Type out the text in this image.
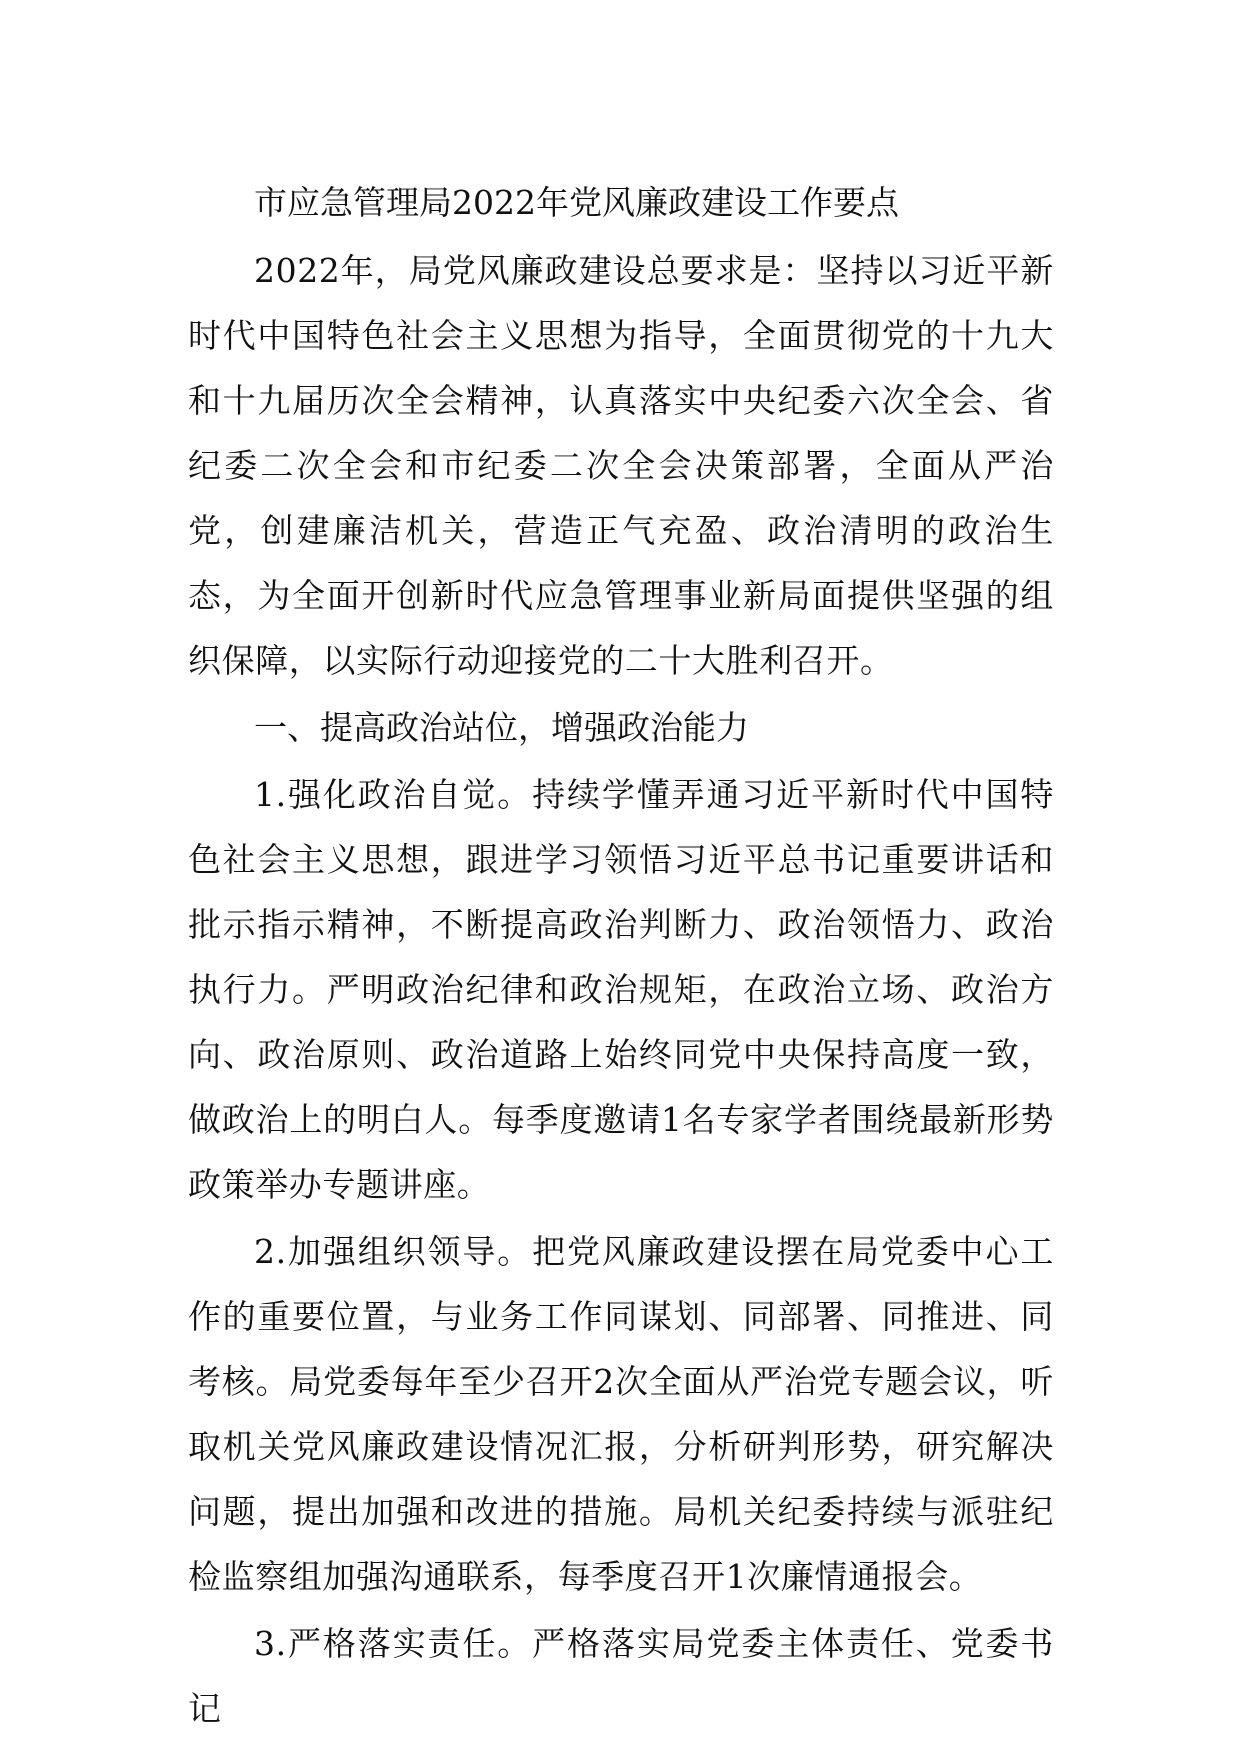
市应急管理局2022年党风廉政建设工作要点

2022年，局党风廉政建设总要求是：坚持以习近平新时代中国特色社会主义思想为指导，全面贯彻党的十九大和十九届历次全会精神，认真落实中央纪委六次全会、省纪委二次全会和市纪委二次全会决策部署，全面从严治党，创建廉洁机关，营造正气充盈、政治清明的政治生态，为全面开创新时代应急管理事业新局面提供坚强的组织保障，以实际行动迎接党的二十大胜利召开。

一、提高政治站位，增强政治能力

1.强化政治自觉。持续学懂弄通习近平新时代中国特色社会主义思想，跟进学习领悟习近平总书记重要讲话和批示指示精神，不断提高政治判断力、政治领悟力、政治执行力。严明政治纪律和政治规矩，在政治立场、政治方向、政治原则、政治道路上始终同党中央保持高度一致，做政治上的明白人。每季度邀请1名专家学者围绕最新形势政策举办专题讲座。

2.加强组织领导。把党风廉政建设摆在局党委中心工作的重要位置，与业务工作同谋划、同部署、同推进、同考核。局党委每年至少召开2次全面从严治党专题会议，听取机关党风廉政建设情况汇报，分析研判形势，研究解决问题，提出加强和改进的措施。局机关纪委持续与派驻纪检监察组加强沟通联系，每季度召开1次廉情通报会。

3.严格落实责任。严格落实局党委主体责任、党委书记
